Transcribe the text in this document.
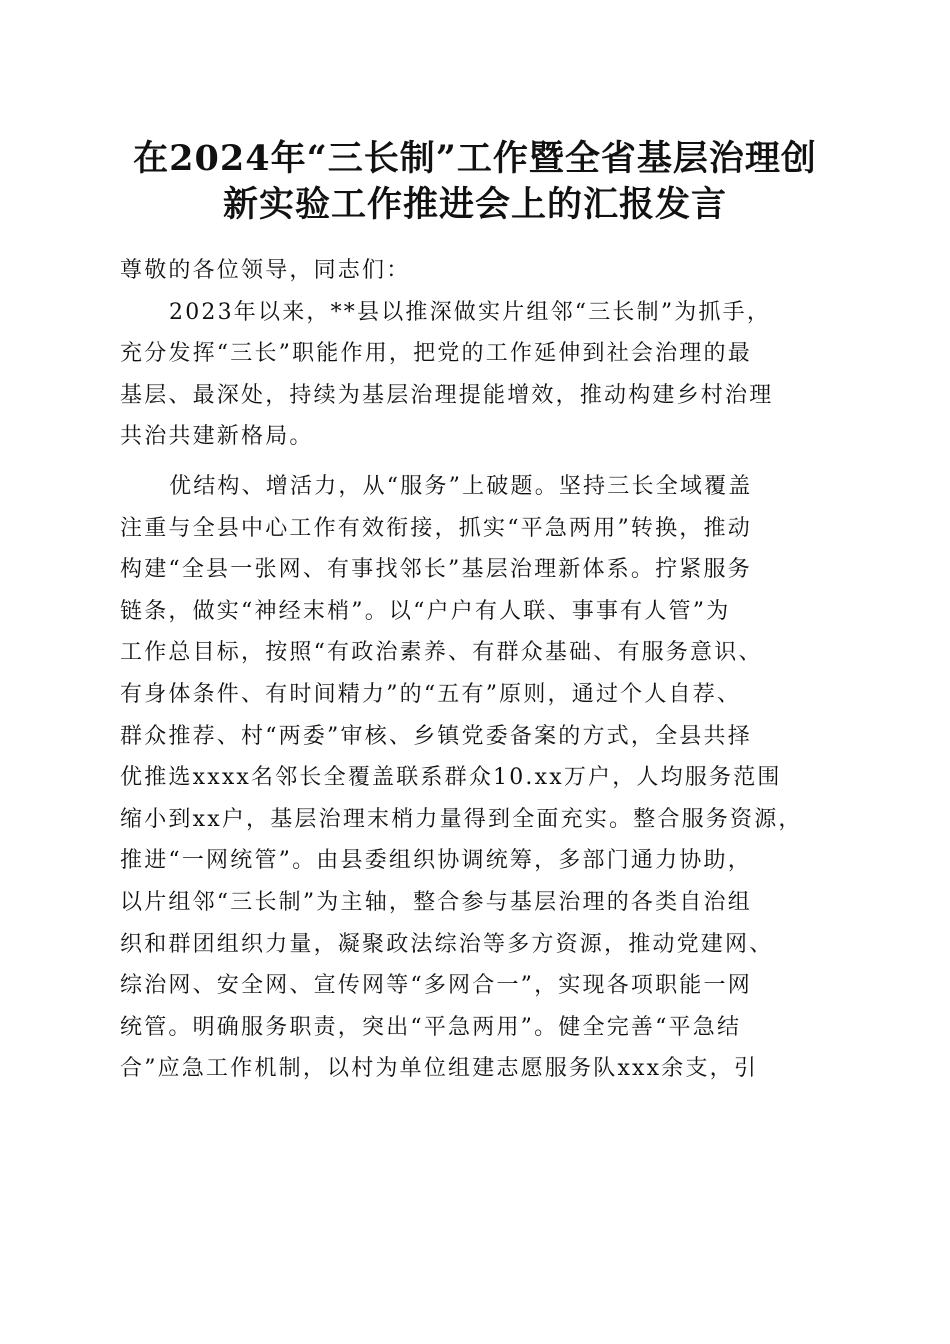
在2024年“三长制”工作暨全省基层治理创
新实验工作推进会上的汇报发言

尊敬的各位领导，同志们：

2023年以来，**县以推深做实片组邻“三长制”为抓手，
充分发挥“三长”职能作用，把党的工作延伸到社会治理的最
基层、最深处，持续为基层治理提能增效，推动构建乡村治理
共治共建新格局。
优结构、增活力，从“服务”上破题。坚持三长全域覆盖
注重与全县中心工作有效衔接，抓实“平急两用”转换，推动
构建“全县一张网、有事找邻长”基层治理新体系。拧紧服务
链条，做实“神经末梢”。以“户户有人联、事事有人管”为
工作总目标，按照“有政治素养、有群众基础、有服务意识、
有身体条件、有时间精力”的“五有”原则，通过个人自荐、
群众推荐、村“两委”审核、乡镇党委备案的方式，全县共择
优推选xxxx名邻长全覆盖联系群众10.xx万户，人均服务范围
缩小到xx户，基层治理末梢力量得到全面充实。整合服务资源，
推进“一网统管”。由县委组织协调统筹，多部门通力协助，
以片组邻“三长制”为主轴，整合参与基层治理的各类自治组
织和群团组织力量，凝聚政法综治等多方资源，推动党建网、
综治网、安全网、宣传网等“多网合一”，实现各项职能一网
统管。明确服务职责，突出“平急两用”。健全完善“平急结
合”应急工作机制，以村为单位组建志愿服务队xxx余支，引
